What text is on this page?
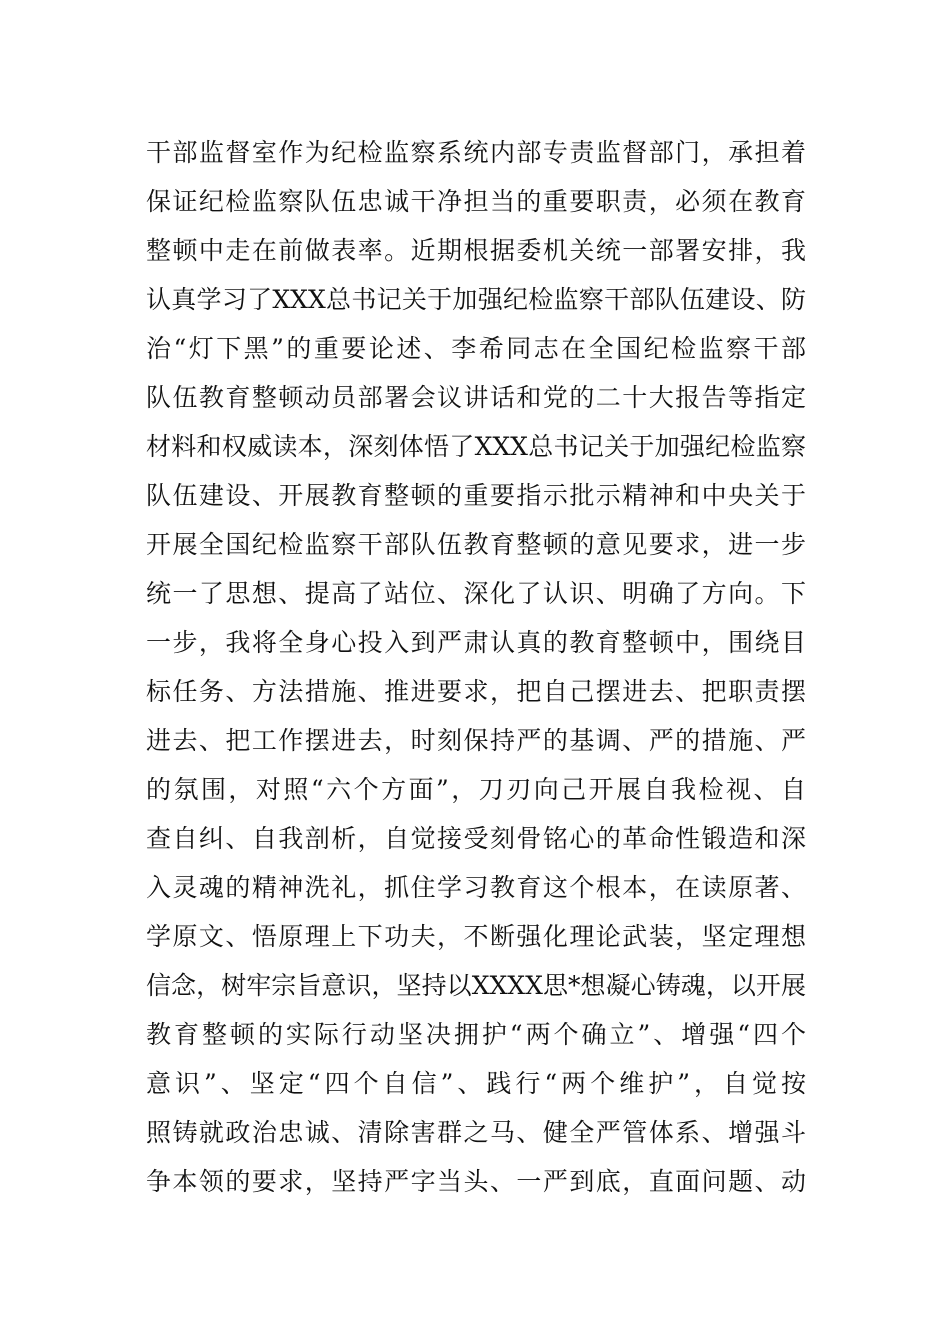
干部监督室作为纪检监察系统内部专责监督部门，承担着
保证纪检监察队伍忠诚干净担当的重要职责，必须在教育
整顿中走在前做表率。近期根据委机关统一部署安排，我
认真学习了XXX总书记关于加强纪检监察干部队伍建设、防
治“灯下黑”的重要论述、李希同志在全国纪检监察干部
队伍教育整顿动员部署会议讲话和党的二十大报告等指定
材料和权威读本，深刻体悟了XXX总书记关于加强纪检监察
队伍建设、开展教育整顿的重要指示批示精神和中央关于
开展全国纪检监察干部队伍教育整顿的意见要求，进一步
统一了思想、提高了站位、深化了认识、明确了方向。下
一步，我将全身心投入到严肃认真的教育整顿中，围绕目
标任务、方法措施、推进要求，把自己摆进去、把职责摆
进去、把工作摆进去，时刻保持严的基调、严的措施、严
的氛围，对照“六个方面”，刀刃向己开展自我检视、自
查自纠、自我剖析，自觉接受刻骨铭心的革命性锻造和深
入灵魂的精神洗礼，抓住学习教育这个根本，在读原著、
学原文、悟原理上下功夫，不断强化理论武装，坚定理想
信念，树牢宗旨意识，坚持以XXXX思*想凝心铸魂，以开展
教育整顿的实际行动坚决拥护“两个确立”、增强“四个
意识”、坚定“四个自信”、践行“两个维护”，自觉按
照铸就政治忠诚、清除害群之马、健全严管体系、增强斗
争本领的要求，坚持严字当头、一严到底，直面问题、动
